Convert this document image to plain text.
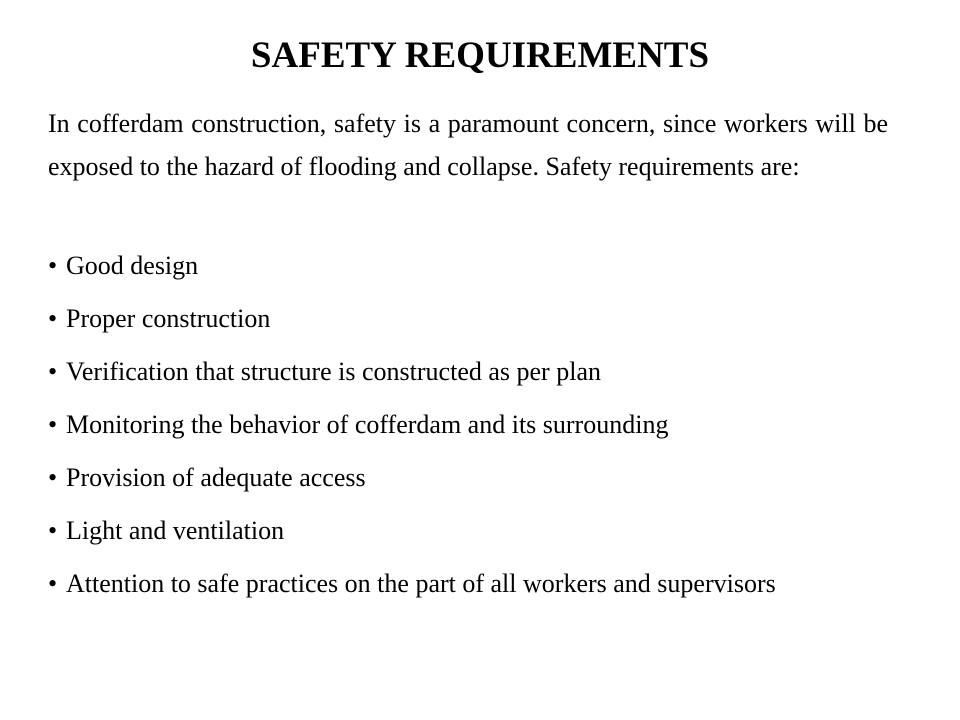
SAFETY REQUIREMENTS

In cofferdam construction, safety is a paramount concern, since workers will be exposed to the hazard of flooding and collapse. Safety requirements are:

• Good design
• Proper construction
• Verification that structure is constructed as per plan
• Monitoring the behavior of cofferdam and its surrounding
• Provision of adequate access
• Light and ventilation
• Attention to safe practices on the part of all workers and supervisors
